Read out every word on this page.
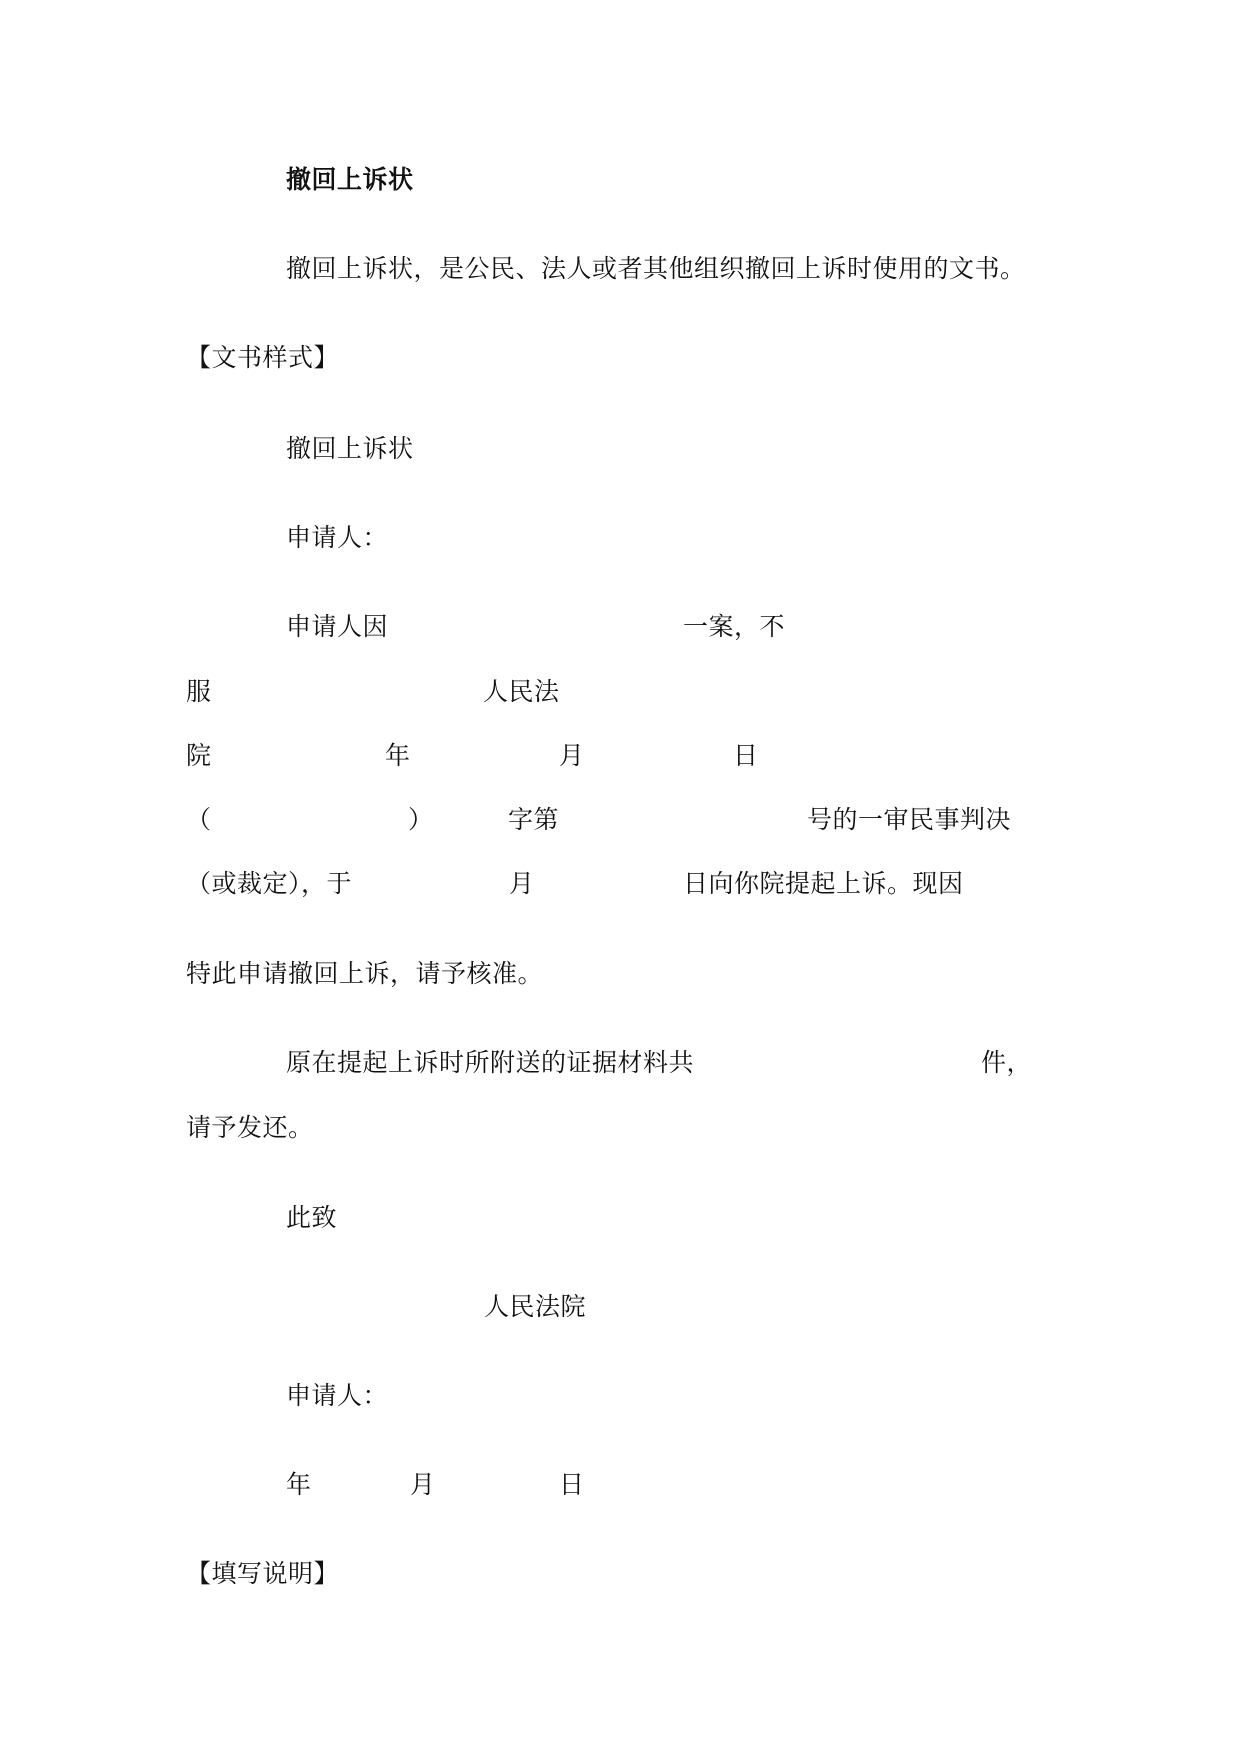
撤回上诉状
撤回上诉状，是公民、法人或者其他组织撤回上诉时使用的文书。
【文书样式】
撤回上诉状
申请人：
申请人因	一案，不
服	人民法
院	年	月	日
（	）	字第	号的一审民事判决
（或裁定），于	月	日向你院提起上诉。现因
特此申请撤回上诉，请予核准。
原在提起上诉时所附送的证据材料共	件，
请予发还。
此致
人民法院
申请人：
年	月	日
【填写说明】
